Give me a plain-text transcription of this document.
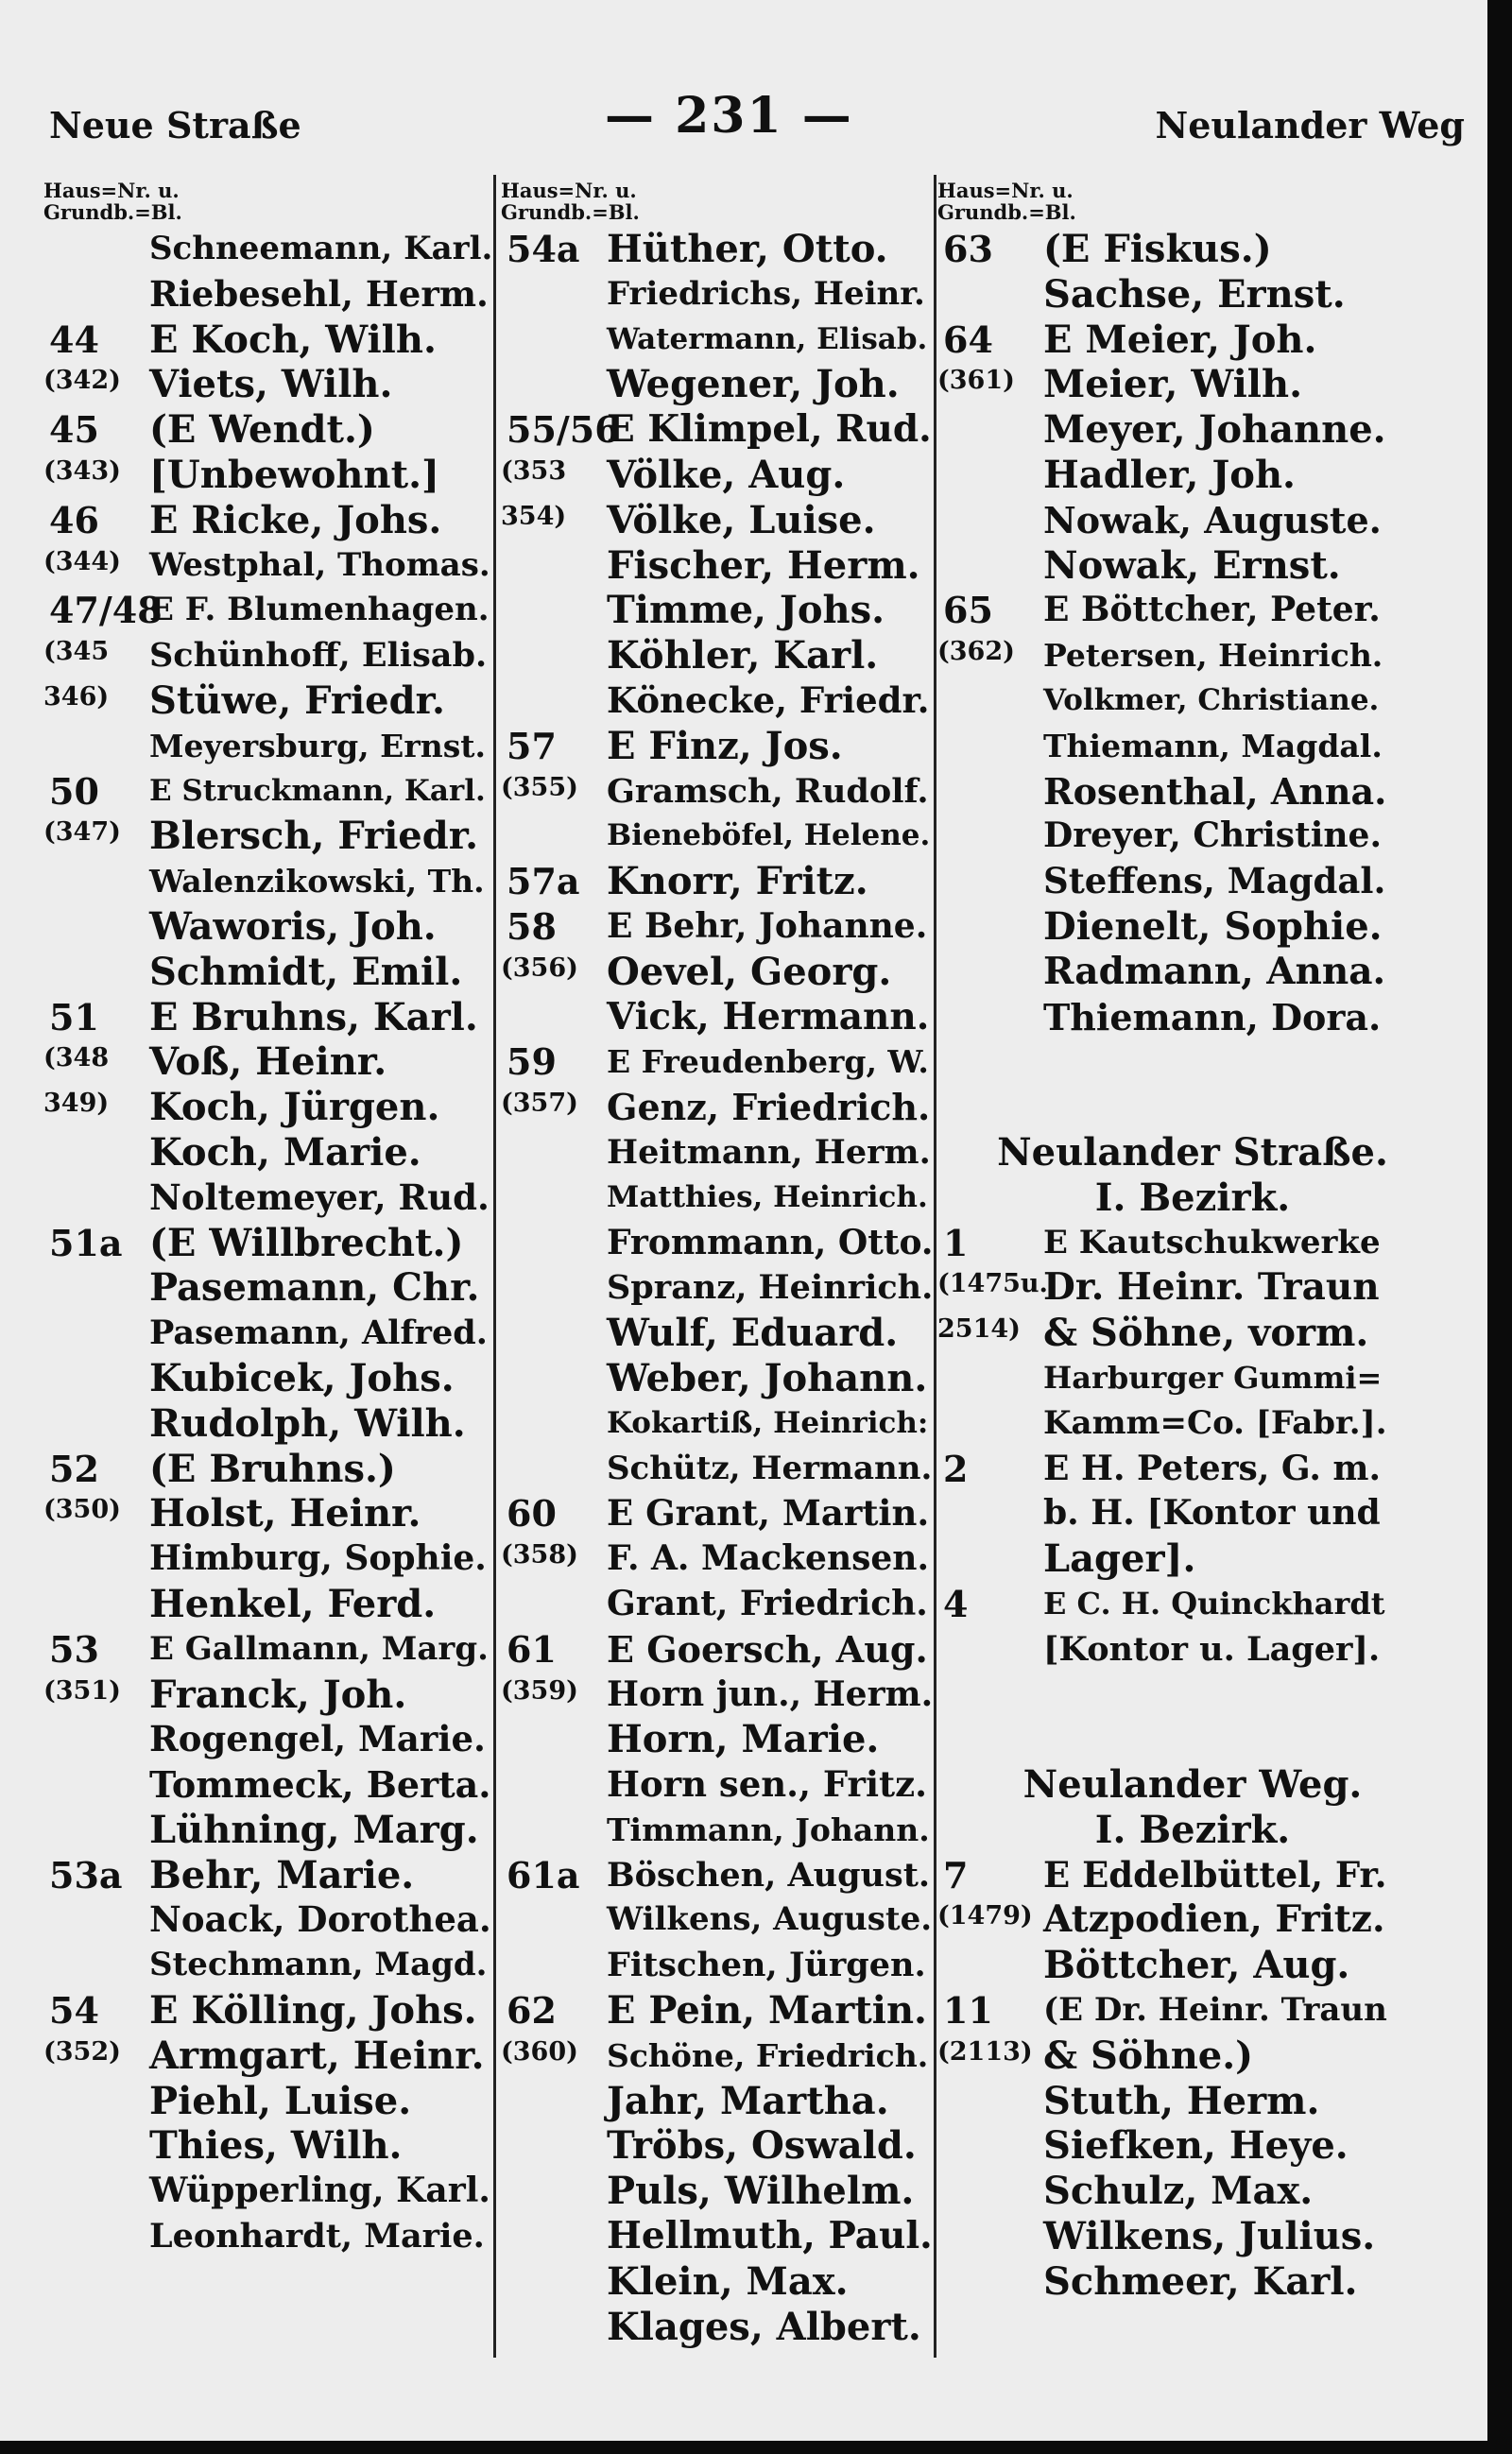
Neue Straße	— 231 —	Neulander Weg
Haus=Nr. u.
Grundb.=Bl.
Schneemann, Karl.
Riebesehl, Herm.
44 E Koch, Wilh.
(342) Viets, Wilh.
45 (E Wendt.)
(343) [Unbewohnt.]
46 E Ricke, Johs.
(344) Westphal, Thomas.
47/48
E F. Blumenhagen.
(345 Schünhoff, Elisab.
346) Stüwe, Friedr.
Meyersburg, Ernst.
50 E Struckmann, Karl.
(347) Blersch, Friedr.
Walenzikowski, Th.
Waworis, Joh.
Schmidt, Emil.
51 E Bruhns, Karl.
(348 Voß, Heinr.
349) Koch, Jürgen.
Koch, Marie.
Noltemeyer, Rud.
51a (E Willbrecht.)
Pasemann, Chr.
Pasemann, Alfred.
Kubicek, Johs.
Rudolph, Wilh.
52 (E Bruhns.)
(350) Holst, Heinr.
Himburg, Sophie.
Henkel, Ferd.
53 E Gallmann, Marg.
(351) Franck, Joh.
Rogengel, Marie.
Tommeck, Berta.
Lühning, Marg.
53a Behr, Marie.
Noack, Dorothea.
Stechmann, Magd.
54 E Kölling, Johs.
(352) Armgart, Heinr.
Piehl, Luise.
Thies, Wilh.
Wüpperling, Karl.
Leonhardt, Marie.
Haus=Nr. u.
Grundb.=Bl.
54a Hüther, Otto.
Friedrichs, Heinr.
Watermann, Elisab.
Wegener, Joh.
55/56
E Klimpel, Rud.
(353 Völke, Aug.
354) Völke, Luise.
Fischer, Herm.
Timme, Johs.
Köhler, Karl.
Könecke, Friedr.
57 E Finz, Jos.
(355) Gramsch, Rudolf.
Bieneböfel, Helene.
57a Knorr, Fritz.
58 E Behr, Johanne.
(356) Oevel, Georg.
Vick, Hermann.
59 E Freudenberg, W.
(357) Genz, Friedrich.
Heitmann, Herm.
Matthies, Heinrich.
Frommann, Otto.
Spranz, Heinrich.
Wulf, Eduard.
Weber, Johann.
Kokartiß, Heinrich:
Schütz, Hermann.
60 E Grant, Martin.
(358) F. A. Mackensen.
Grant, Friedrich.
61 E Goersch, Aug.
(359) Horn jun., Herm.
Horn, Marie.
Horn sen., Fritz.
Timmann, Johann.
61a Böschen, August.
Wilkens, Auguste.
Fitschen, Jürgen.
62 E Pein, Martin.
(360) Schöne, Friedrich.
Jahr, Martha.
Tröbs, Oswald.
Puls, Wilhelm.
Hellmuth, Paul.
Klein, Max.
Klages, Albert.
Haus=Nr. u.
Grundb.=Bl.
63 (E Fiskus.)
Sachse, Ernst.
64 E Meier, Joh.
(361) Meier, Wilh.
Meyer, Johanne.
Hadler, Joh.
Nowak, Auguste.
Nowak, Ernst.
65 E Böttcher, Peter.
(362) Petersen, Heinrich.
Volkmer, Christiane.
Thiemann, Magdal.
Rosenthal, Anna.
Dreyer, Christine.
Steffens, Magdal.
Dienelt, Sophie.
Radmann, Anna.
Thiemann, Dora.
Neulander Straße.
I. Bezirk.
1 E Kautschukwerke
(1475u.
Dr. Heinr. Traun
2514) & Söhne, vorm.
Harburger Gummi=
Kamm=Co. [Fabr.].
2 E H. Peters, G. m.
b. H. [Kontor und
Lager].
4 E C. H. Quinckhardt
[Kontor u. Lager].
Neulander Weg.
I. Bezirk.
7 E Eddelbüttel, Fr.
(1479) Atzpodien, Fritz.
Böttcher, Aug.
11 (E Dr. Heinr. Traun
(2113) & Söhne.)
Stuth, Herm.
Siefken, Heye.
Schulz, Max.
Wilkens, Julius.
Schmeer, Karl.
